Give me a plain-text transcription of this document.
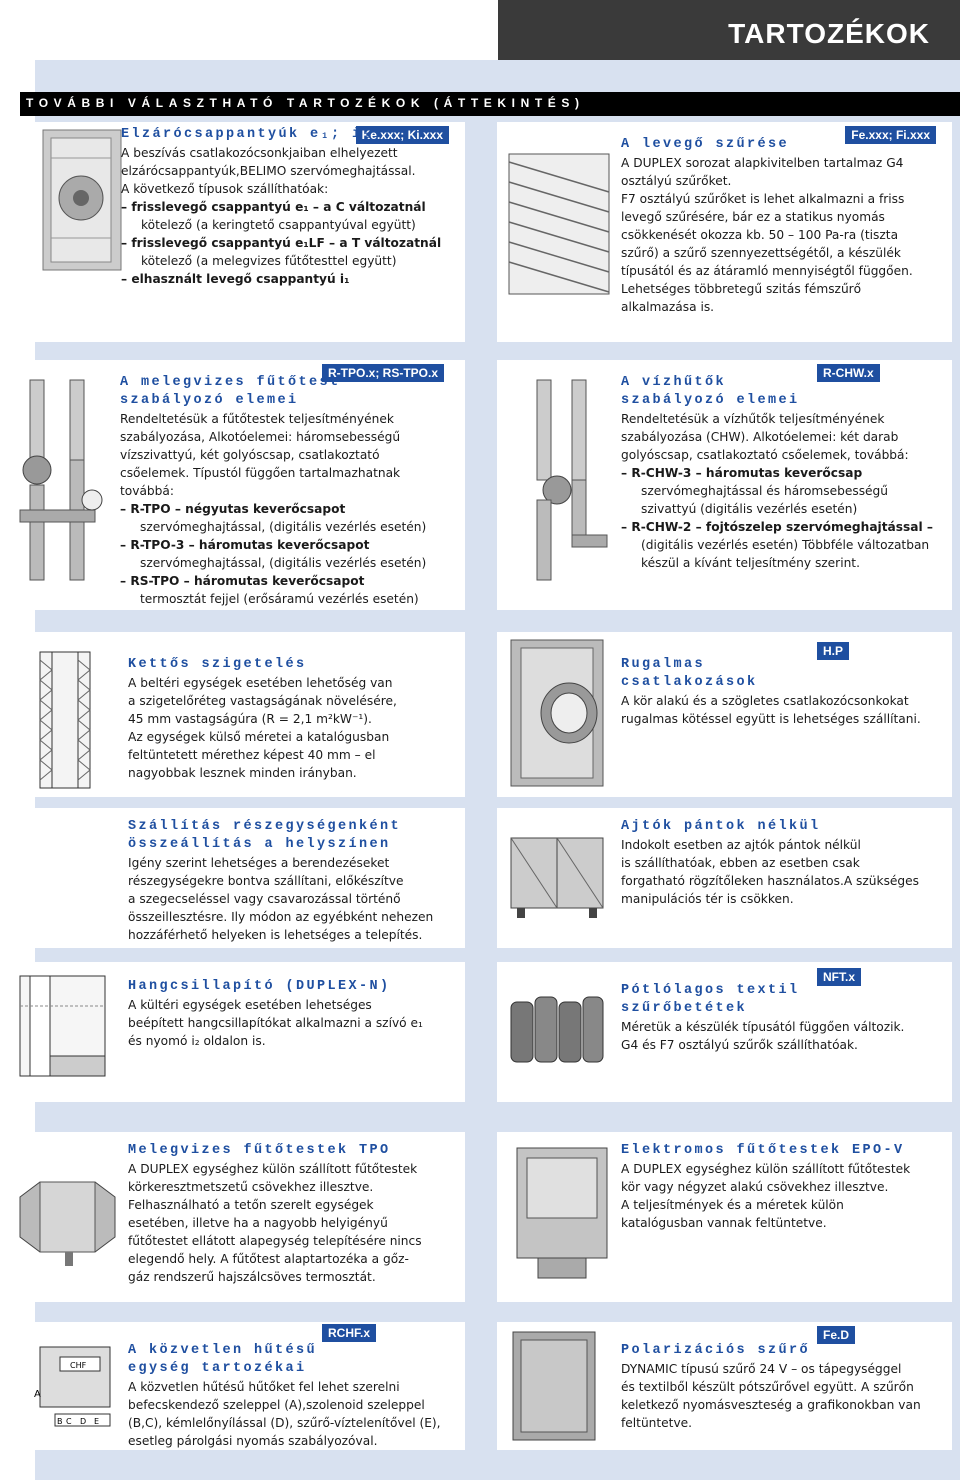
TARTOZÉKOK
TOVÁBBI VÁLASZTHATÓ TARTOZÉKOK (ÁTTEKINTÉS)
Ke.xxx; Ki.xxx
Elzárócsappantyúk e₁; i₁
A beszívás csatlakozócsonkjaiban elhelyezett
elzárócsappantyúk,BELIMO szervómeghajtással.
A következő típusok szállíthatóak:
– frisslevegő csappantyú e₁ – a C változatnál
kötelező (a keringtető csappantyúval együtt)
– frisslevegő csappantyú e₁LF – a T változatnál
kötelező (a melegvizes fűtőtesttel együtt)
– elhasznált levegő csappantyú i₁
Fe.xxx; Fi.xxx
A levegő szűrése
A DUPLEX sorozat alapkivitelben tartalmaz G4
osztályú szűrőket.
F7 osztályú szűrőket is lehet alkalmazni a friss
levegő szűrésére, bár ez a statikus nyomás
csökkenését okozza kb. 50 – 100 Pa-ra (tiszta
szűrő) a szűrő szennyezettségétől, a készülék
típusától és az átáramló mennyiségtől függően.
Lehetséges többretegű szitás fémszűrő
alkalmazása is.
R-TPO.x; RS-TPO.x
A melegvizes fűtőtest
szabályozó elemei
Rendeltetésük a fűtőtestek teljesítményének
szabályozása, Alkotóelemei: háromsebességű
vízszivattyú, két golyóscsap, csatlakoztató
csőelemek. Típustól függően tartalmazhatnak
továbbá:
– R-TPO – négyutas keverőcsapot
szervómeghajtással, (digitális vezérlés esetén)
– R-TPO-3 – háromutas keverőcsapot
szervómeghajtással, (digitális vezérlés esetén)
– RS-TPO – háromutas keverőcsapot
termosztát fejjel (erősáramú vezérlés esetén)
R-CHW.x
A vízhűtők
szabályozó elemei
Rendeltetésük a vízhűtők teljesítményének
szabályozása (CHW). Alkotóelemei: két darab
golyóscsap, csatlakoztató csőelemek, továbbá:
– R-CHW-3 – háromutas keverőcsap
szervómeghajtással és háromsebességű
szivattyú (digitális vezérlés esetén)
– R-CHW-2 – fojtószelep szervómeghajtással –
(digitális vezérlés esetén) Többféle változatban
készül a kívánt teljesítmény szerint.
Kettős szigetelés
A beltéri egységek esetében lehetőség van
a szigetelőréteg vastagságának növelésére,
45 mm vastagságúra (R = 2,1 m²kW⁻¹).
Az egységek külső méretei a katalógusban
feltüntetett mérethez képest 40 mm – el
nagyobbak lesznek minden irányban.
H.P
Rugalmas
csatlakozások
A kör alakú és a szögletes csatlakozócsonkokat
rugalmas kötéssel együtt is lehetséges szállítani.
Szállítás részegységenként
összeállítás a helyszínen
Igény szerint lehetséges a berendezéseket
részegységekre bontva szállítani, előkészítve
a szegecseléssel vagy csavarozással történő
összeillesztésre. Ily módon az egyébként nehezen
hozzáférhető helyeken is lehetséges a telepítés.
Ajtók pántok nélkül
Indokolt esetben az ajtók pántok nélkül
is szállíthatóak, ebben az esetben csak
forgatható rögzítőleken használatos.A szükséges
manipulációs tér is csökken.
Hangcsillapító (DUPLEX-N)
A kültéri egységek esetében lehetséges
beépített hangcsillapítókat alkalmazni a szívó e₁
és nyomó i₂ oldalon is.
NFT.x
Pótlólagos textil
szűrőbetétek
Méretük a készülék típusától függően változik.
G4 és F7 osztályú szűrők szállíthatóak.
Melegvizes fűtőtestek TPO
A DUPLEX egységhez külön szállított fűtőtestek
körkeresztmetszetű csövekhez illesztve.
Felhasználható a tetőn szerelt egységek
esetében, illetve ha a nagyobb helyigényű
fűtőtestet ellátott alapegység telepítésére nincs
elegendő hely. A fűtőtest alaptartozéka a gőz-
gáz rendszerű hajszálcsöves termosztát.
Elektromos fűtőtestek EPO-V
A DUPLEX egységhez külön szállított fűtőtestek
kör vagy négyzet alakú csövekhez illesztve.
A teljesítmények és a méretek külön
katalógusban vannak feltüntetve.
CHF
A
B C D E
RCHF.x
A közvetlen hűtésű
egység tartozékai
A közvetlen hűtésű hűtőket fel lehet szerelni
befecskendező szeleppel (A),szolenoid szeleppel
(B,C), kémlelőnyílással (D), szűrő-víztelenítővel (E),
esetleg párolgási nyomás szabályozóval.
Fe.D
Polarizációs szűrő
DYNAMIC típusú szűrő 24 V – os tápegységgel
és textilből készült pótszűrővel együtt. A szűrőn
keletkező nyomásveszteség a grafikonokban van
feltüntetve.
